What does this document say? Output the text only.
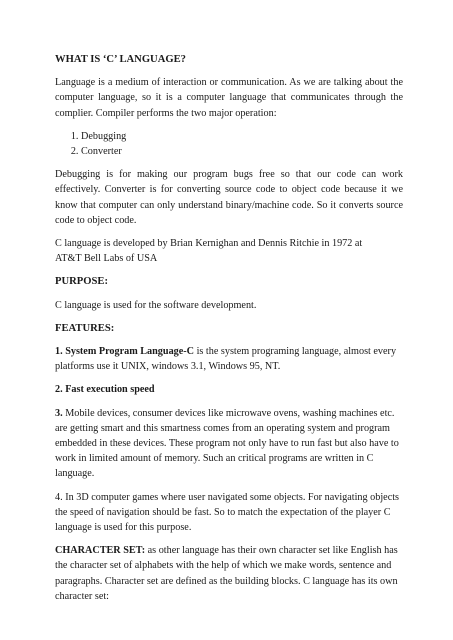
WHAT IS ‘C’ LANGUAGE?

Language is a medium of interaction or communication. As we are talking about the computer language, so it is a computer language that communicates through the complier. Compiler performs the two major operation:

1. Debugging
2. Converter

Debugging is for making our program bugs free so that our code can work effectively. Converter is for converting source code to object code because it we know that computer can only understand binary/machine code. So it converts source code to object code.

C language is developed by Brian Kernighan and Dennis Ritchie in 1972 at
AT&T Bell Labs of USA

PURPOSE:

C language is used for the software development.

FEATURES:

1. System Program Language-C is the system programing language, almost every platforms use it UNIX, windows 3.1, Windows 95, NT.

2. Fast execution speed

3. Mobile devices, consumer devices like microwave ovens, washing machines etc. are getting smart and this smartness comes from an operating system and program embedded in these devices. These program not only have to run fast but also have to work in limited amount of memory. Such an critical programs are written in C language.

4. In 3D computer games where user navigated some objects. For navigating objects the speed of navigation should be fast. So to match the expectation of the player C language is used for this purpose.

CHARACTER SET: as other language has their own character set like English has the character set of alphabets with the help of which we make words, sentence and paragraphs. Character set are defined as the building blocks. C language has its own character set:
